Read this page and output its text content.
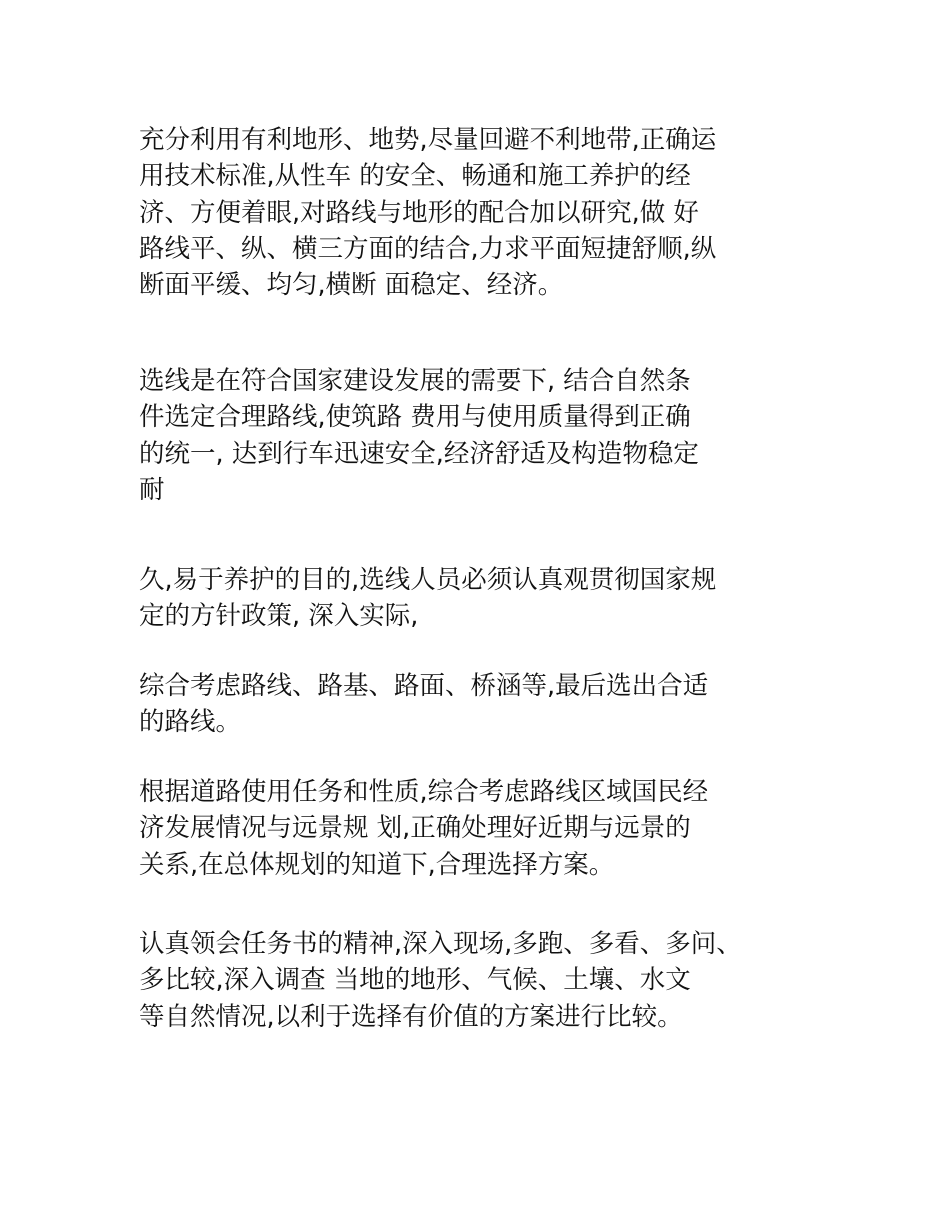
充分利用有利地形、地势,尽量回避不利地带,正确运
用技术标准,从性车 的安全、畅通和施工养护的经
济、方便着眼,对路线与地形的配合加以研究,做 好
路线平、纵、横三方面的结合,力求平面短捷舒顺,纵
断面平缓、均匀,横断 面稳定、经济。
选线是在符合国家建设发展的需要下, 结合自然条
件选定合理路线,使筑路 费用与使用质量得到正确
的统一, 达到行车迅速安全,经济舒适及构造物稳定
耐
久,易于养护的目的,选线人员必须认真观贯彻国家规
定的方针政策, 深入实际,
综合考虑路线、路基、路面、桥涵等,最后选出合适
的路线。
根据道路使用任务和性质,综合考虑路线区域国民经
济发展情况与远景规 划,正确处理好近期与远景的
关系,在总体规划的知道下,合理选择方案。
认真领会任务书的精神,深入现场,多跑、多看、多问、
多比较,深入调查 当地的地形、气候、土壤、水文
等自然情况,以利于选择有价值的方案进行比较。
